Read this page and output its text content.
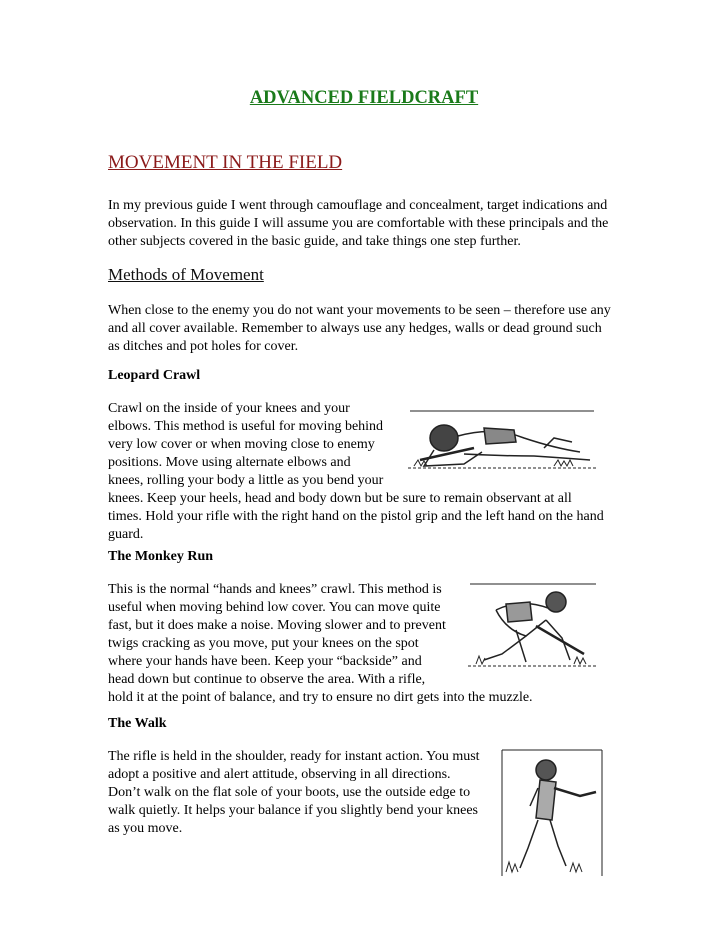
ADVANCED FIELDCRAFT
MOVEMENT IN THE FIELD
In my previous guide I went through camouflage and concealment, target indications and
observation. In this guide I will assume you are comfortable with these principals and the
other subjects covered in the basic guide, and take things one step further.
Methods of Movement
When close to the enemy you do not want your movements to be seen – therefore use any
and all cover available. Remember to always use any hedges, walls or dead ground such
as ditches and pot holes for cover.
Leopard Crawl
Crawl on the inside of your knees and your
elbows. This method is useful for moving behind
very low cover or when moving close to enemy
positions. Move using alternate elbows and
knees, rolling your body a little as you bend your
knees. Keep your heels, head and body down but be sure to remain observant at all
times. Hold your rifle with the right hand on the pistol grip and the left hand on the hand
guard.
The Monkey Run
This is the normal “hands and knees” crawl. This method is
useful when moving behind low cover. You can move quite
fast, but it does make a noise. Moving slower and to prevent
twigs cracking as you move, put your knees on the spot
where your hands have been. Keep your “backside” and
head down but continue to observe the area. With a rifle,
hold it at the point of balance, and try to ensure no dirt gets into the muzzle.
The Walk
The rifle is held in the shoulder, ready for instant action. You must
adopt a positive and alert attitude, observing in all directions.
Don’t walk on the flat sole of your boots, use the outside edge to
walk quietly. It helps your balance if you slightly bend your knees
as you move.
